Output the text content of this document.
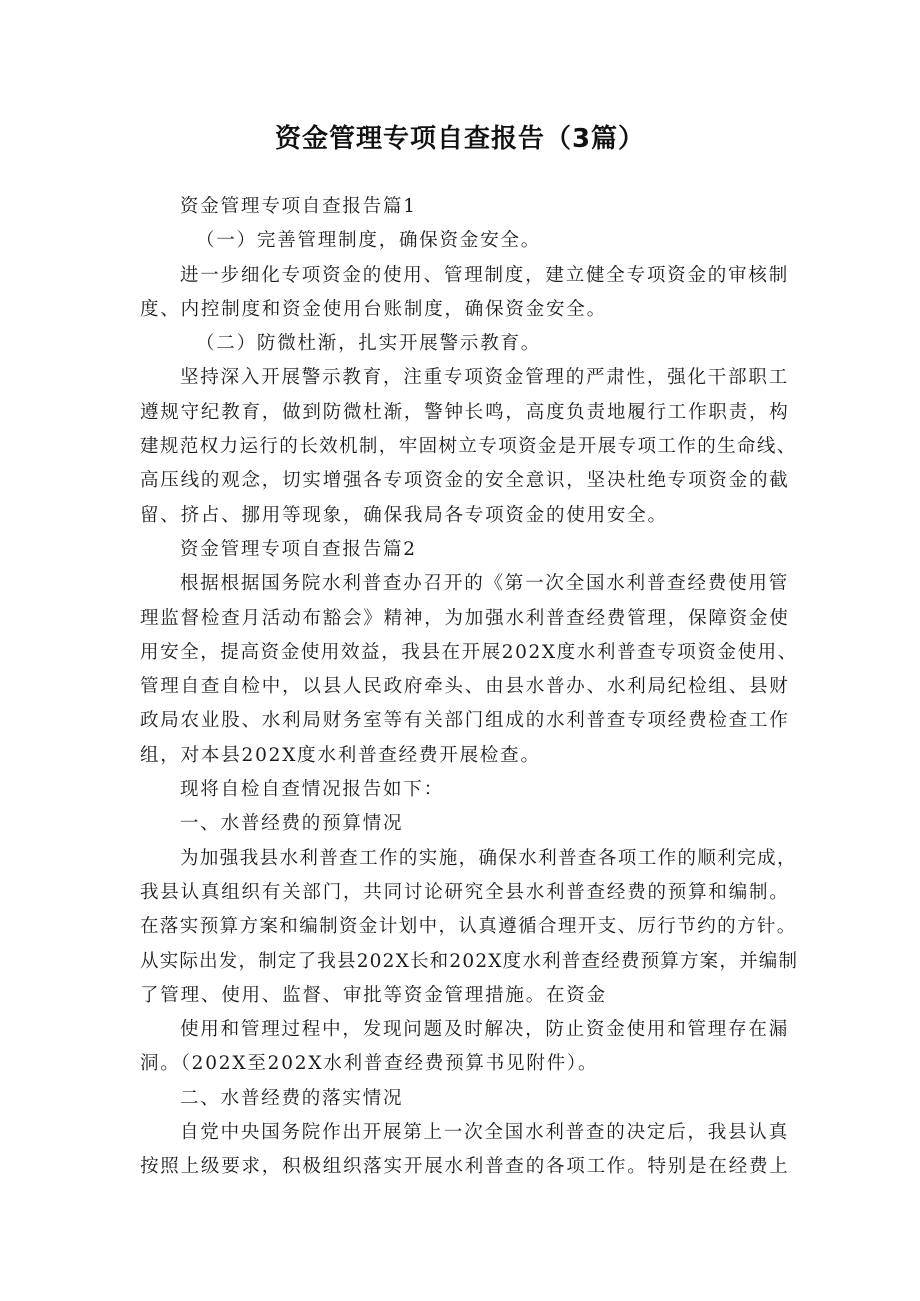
资金管理专项自查报告（3篇）
资金管理专项自查报告篇1
（一）完善管理制度，确保资金安全。
进一步细化专项资金的使用、管理制度，建立健全专项资金的审核制
度、内控制度和资金使用台账制度，确保资金安全。
（二）防微杜渐，扎实开展警示教育。
坚持深入开展警示教育，注重专项资金管理的严肃性，强化干部职工
遵规守纪教育，做到防微杜渐，警钟长鸣，高度负责地履行工作职责，构
建规范权力运行的长效机制，牢固树立专项资金是开展专项工作的生命线、
高压线的观念，切实增强各专项资金的安全意识，坚决杜绝专项资金的截
留、挤占、挪用等现象，确保我局各专项资金的使用安全。
资金管理专项自查报告篇2
根据根据国务院水利普查办召开的《第一次全国水利普查经费使用管
理监督检查月活动布豁会》精神，为加强水利普查经费管理，保障资金使
用安全，提高资金使用效益，我县在开展202X度水利普查专项资金使用、
管理自查自检中，以县人民政府牵头、由县水普办、水利局纪检组、县财
政局农业股、水利局财务室等有关部门组成的水利普查专项经费检查工作
组，对本县202X度水利普查经费开展检查。
现将自检自查情况报告如下：
一、水普经费的预算情况
为加强我县水利普查工作的实施，确保水利普查各项工作的顺利完成，
我县认真组织有关部门，共同讨论研究全县水利普查经费的预算和编制。
在落实预算方案和编制资金计划中，认真遵循合理开支、厉行节约的方针。
从实际出发，制定了我县202X长和202X度水利普查经费预算方案，并编制
了管理、使用、监督、审批等资金管理措施。在资金
使用和管理过程中，发现问题及时解决，防止资金使用和管理存在漏
洞。（202X至202X水利普查经费预算书见附件）。
二、水普经费的落实情况
自党中央国务院作出开展第上一次全国水利普查的决定后，我县认真
按照上级要求，积极组织落实开展水利普查的各项工作。特别是在经费上
